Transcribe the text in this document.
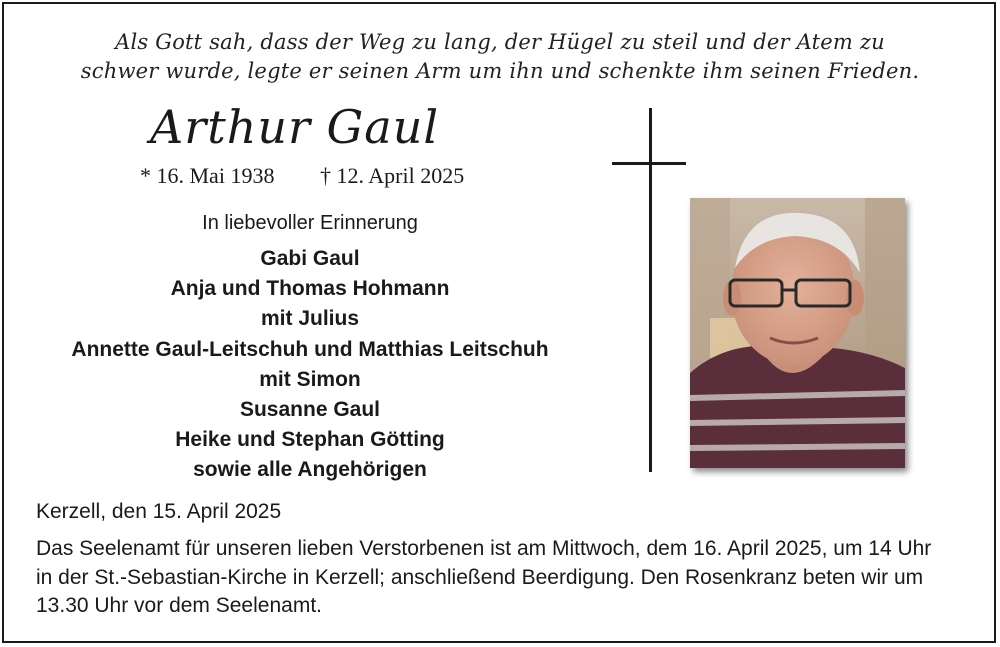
Als Gott sah, dass der Weg zu lang, der Hügel zu steil und der Atem zu
schwer wurde, legte er seinen Arm um ihn und schenkte ihm seinen Frieden.
Arthur Gaul
* 16. Mai 1938 † 12. April 2025
In liebevoller Erinnerung
Gabi Gaul
Anja und Thomas Hohmann
mit Julius
Annette Gaul-Leitschuh und Matthias Leitschuh
mit Simon
Susanne Gaul
Heike und Stephan Götting
sowie alle Angehörigen
Kerzell, den 15. April 2025

Das Seelenamt für unseren lieben Verstorbenen ist am Mittwoch, dem 16. April 2025, um 14 Uhr
in der St.-Sebastian-Kirche in Kerzell; anschließend Beerdigung. Den Rosenkranz beten wir um
13.30 Uhr vor dem Seelenamt.
